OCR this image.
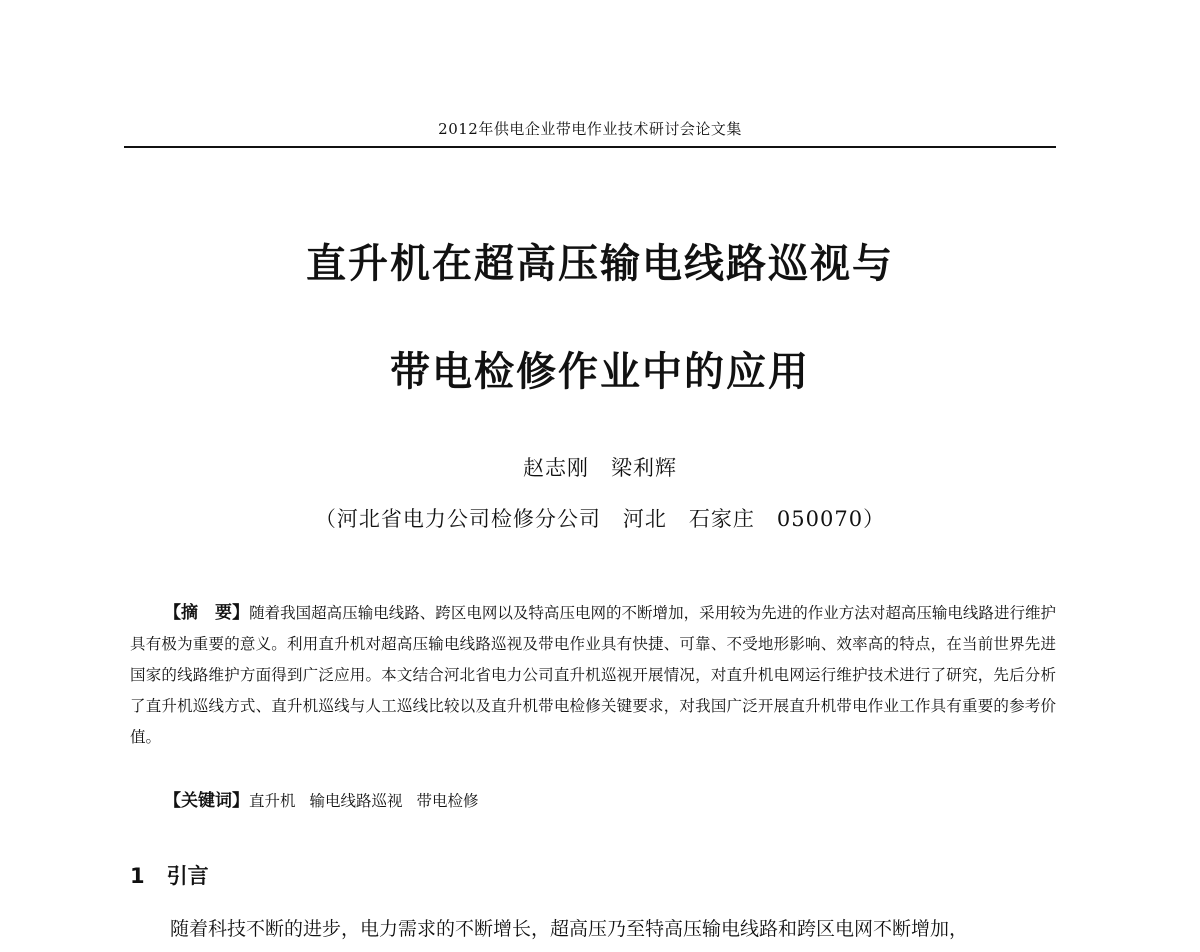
2012年供电企业带电作业技术研讨会论文集
直升机在超高压输电线路巡视与
带电检修作业中的应用
赵志刚　梁利辉
（河北省电力公司检修分公司　河北　石家庄　050070）
【摘　要】随着我国超高压输电线路、跨区电网以及特高压电网的不断增加，采用较为先进的作业方法对超高压输电线路进行维护具有极为重要的意义。利用直升机对超高压输电线路巡视及带电作业具有快捷、可靠、不受地形影响、效率高的特点，在当前世界先进国家的线路维护方面得到广泛应用。本文结合河北省电力公司直升机巡视开展情况，对直升机电网运行维护技术进行了研究，先后分析了直升机巡线方式、直升机巡线与人工巡线比较以及直升机带电检修关键要求，对我国广泛开展直升机带电作业工作具有重要的参考价值。
【关键词】直升机 输电线路巡视 带电检修
1 引言
随着科技不断的进步，电力需求的不断增长，超高压乃至特高压输电线路和跨区电网不断增加，
